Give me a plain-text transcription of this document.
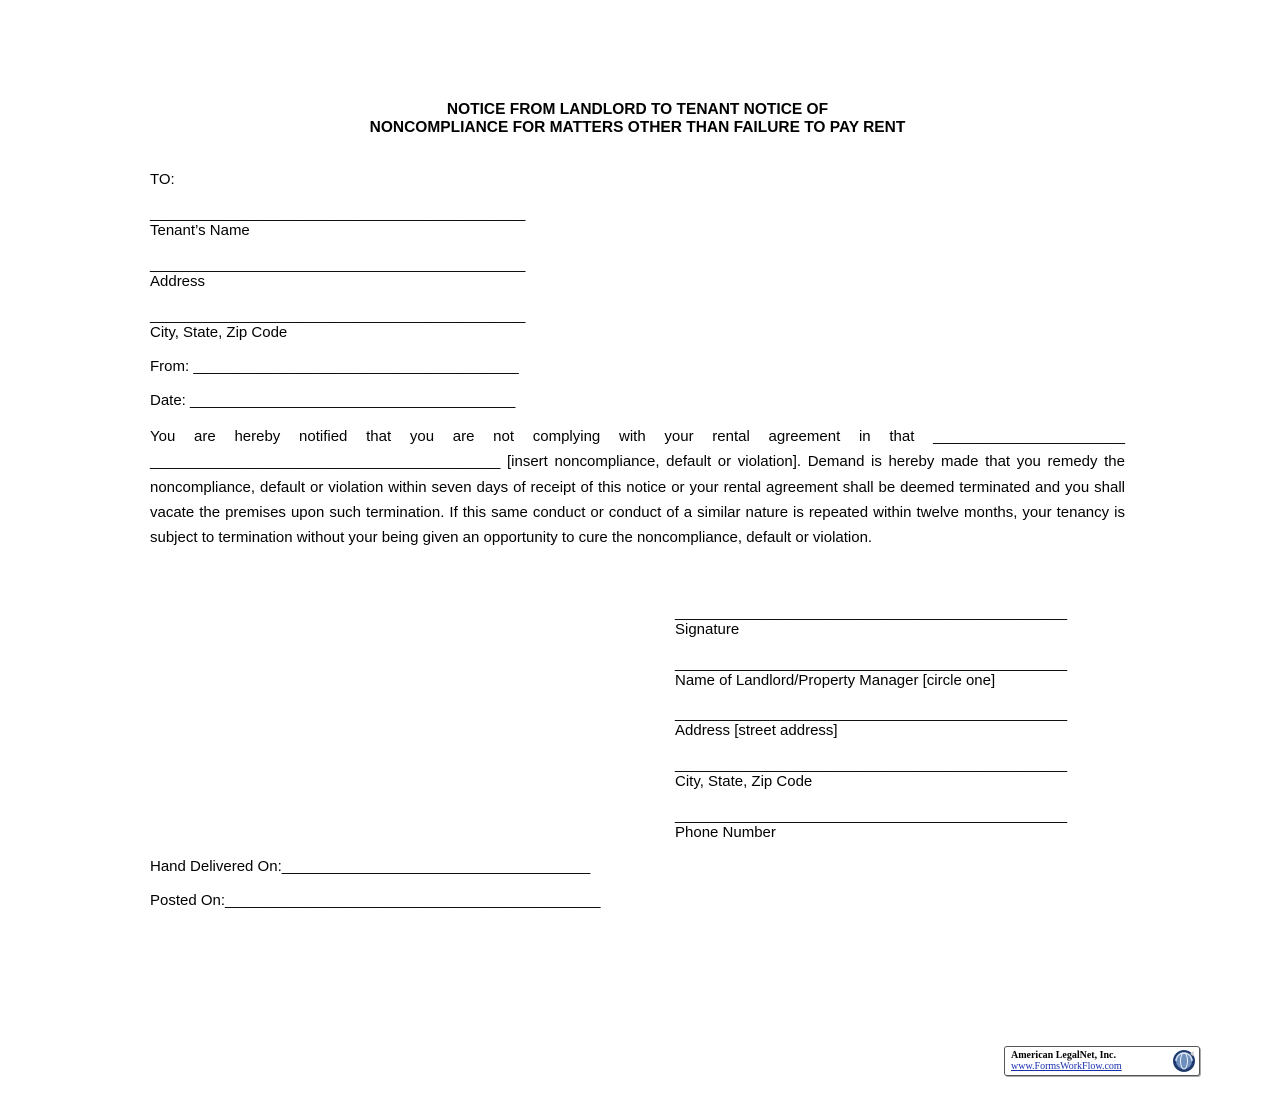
NOTICE FROM LANDLORD TO TENANT NOTICE OF
NONCOMPLIANCE FOR MATTERS OTHER THAN FAILURE TO PAY RENT
TO:
_____________________________________________
Tenant’s Name
_____________________________________________
Address
_____________________________________________
City, State, Zip Code
From: _______________________________________
Date: _______________________________________
You are hereby notified that you are not complying with your rental agreement in that _______________________ __________________________________________ [insert noncompliance, default or violation]. Demand is hereby made that you remedy the noncompliance, default or violation within seven days of receipt of this notice or your rental agreement shall be deemed terminated and you shall vacate the premises upon such termination. If this same conduct or conduct of a similar nature is repeated within twelve months, your tenancy is subject to termination without your being given an opportunity to cure the noncompliance, default or violation.
_______________________________________________
Signature
_______________________________________________
Name of Landlord/Property Manager [circle one]
_______________________________________________
Address [street address]
_______________________________________________
City, State, Zip Code
_______________________________________________
Phone Number
Hand Delivered On:_____________________________________
Posted On:_____________________________________________
American LegalNet, Inc.
www.FormsWorkFlow.com
